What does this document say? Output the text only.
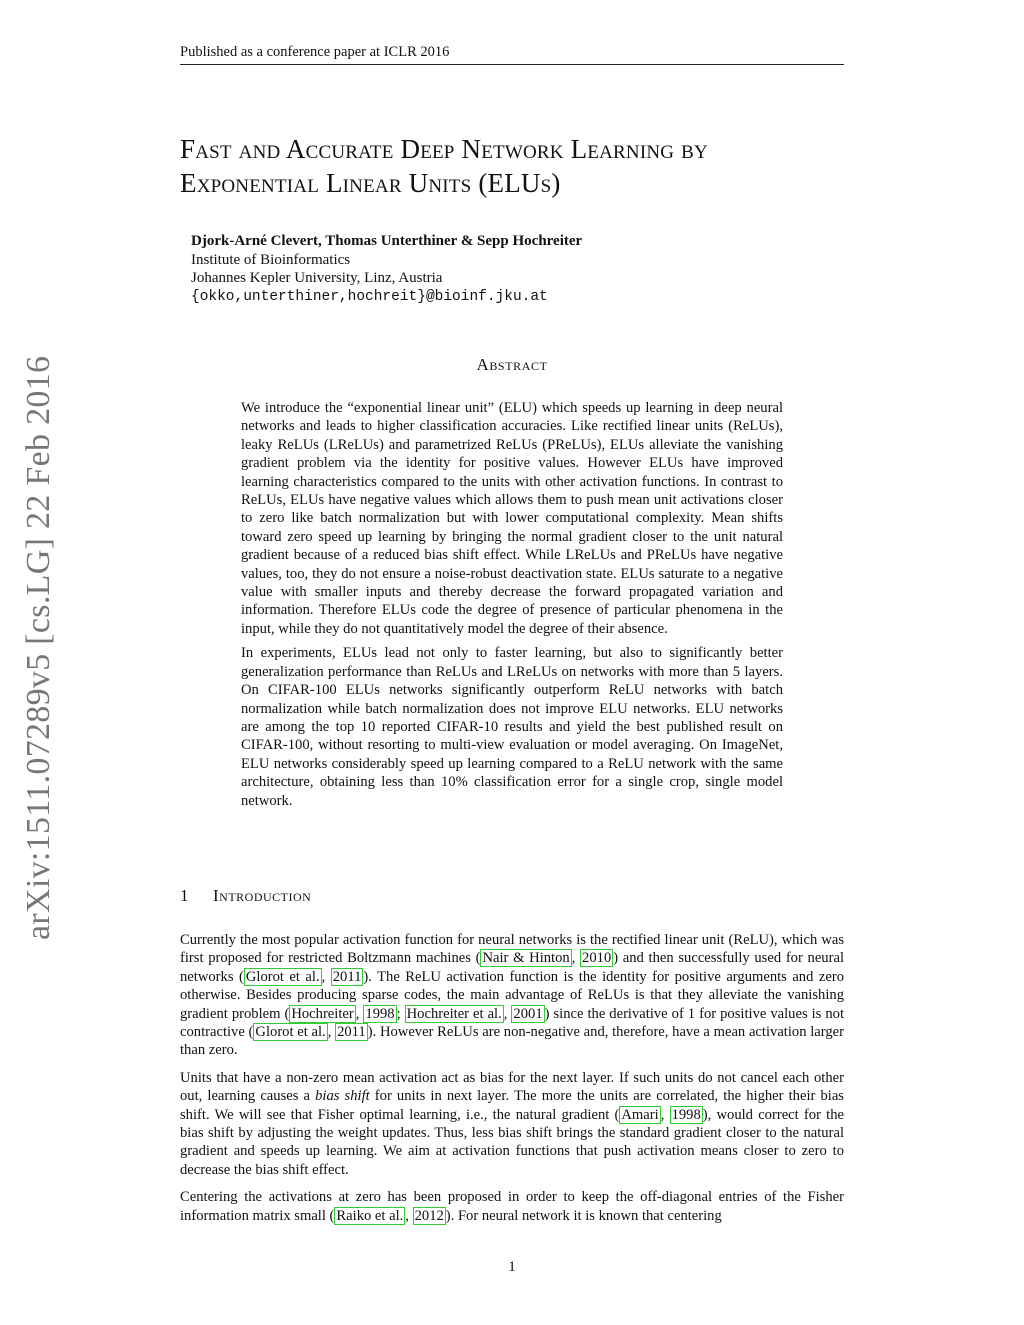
Published as a conference paper at ICLR 2016
arXiv:1511.07289v5 [cs.LG] 22 Feb 2016
Fast and Accurate Deep Network Learning by
Exponential Linear Units (ELUs)
Djork-Arné Clevert, Thomas Unterthiner & Sepp Hochreiter
Institute of Bioinformatics
Johannes Kepler University, Linz, Austria
{okko,unterthiner,hochreit}@bioinf.jku.at
Abstract

We introduce the “exponential linear unit” (ELU) which speeds up learning in deep neural networks and leads to higher classification accuracies. Like rectified linear units (ReLUs), leaky ReLUs (LReLUs) and parametrized ReLUs (PReLUs), ELUs alleviate the vanishing gradient problem via the identity for positive values. However ELUs have improved learning characteristics compared to the units with other activation functions. In contrast to ReLUs, ELUs have negative values which allows them to push mean unit activations closer to zero like batch normalization but with lower computational complexity. Mean shifts toward zero speed up learning by bringing the normal gradient closer to the unit natural gradient because of a reduced bias shift effect. While LReLUs and PReLUs have negative values, too, they do not ensure a noise-robust deactivation state. ELUs saturate to a negative value with smaller inputs and thereby decrease the forward propagated variation and information. Therefore ELUs code the degree of presence of particular phenomena in the input, while they do not quantitatively model the degree of their absence.

In experiments, ELUs lead not only to faster learning, but also to significantly better generalization performance than ReLUs and LReLUs on networks with more than 5 layers. On CIFAR-100 ELUs networks significantly outperform ReLU networks with batch normalization while batch normalization does not improve ELU networks. ELU networks are among the top 10 reported CIFAR-10 results and yield the best published result on CIFAR-100, without resorting to multi-view evaluation or model averaging. On ImageNet, ELU networks considerably speed up learning compared to a ReLU network with the same architecture, obtaining less than 10% classification error for a single crop, single model network.

1 Introduction

Currently the most popular activation function for neural networks is the rectified linear unit (ReLU), which was first proposed for restricted Boltzmann machines ( Nair & Hinton , 2010 ) and then successfully used for neural networks ( Glorot et al. , 2011 ). The ReLU activation function is the identity for positive arguments and zero otherwise. Besides producing sparse codes, the main advantage of ReLUs is that they alleviate the vanishing gradient problem ( Hochreiter , 1998 ; Hochreiter et al. , 2001 ) since the derivative of 1 for positive values is not contractive ( Glorot et al. , 2011 ). However ReLUs are non-negative and, therefore, have a mean activation larger than zero.

Units that have a non-zero mean activation act as bias for the next layer. If such units do not cancel each other out, learning causes a bias shift for units in next layer. The more the units are correlated, the higher their bias shift. We will see that Fisher optimal learning, i.e., the natural gradient ( Amari , 1998 ), would correct for the bias shift by adjusting the weight updates. Thus, less bias shift brings the standard gradient closer to the natural gradient and speeds up learning. We aim at activation functions that push activation means closer to zero to decrease the bias shift effect.

Centering the activations at zero has been proposed in order to keep the off-diagonal entries of the Fisher information matrix small ( Raiko et al. , 2012 ). For neural network it is known that centering

1
